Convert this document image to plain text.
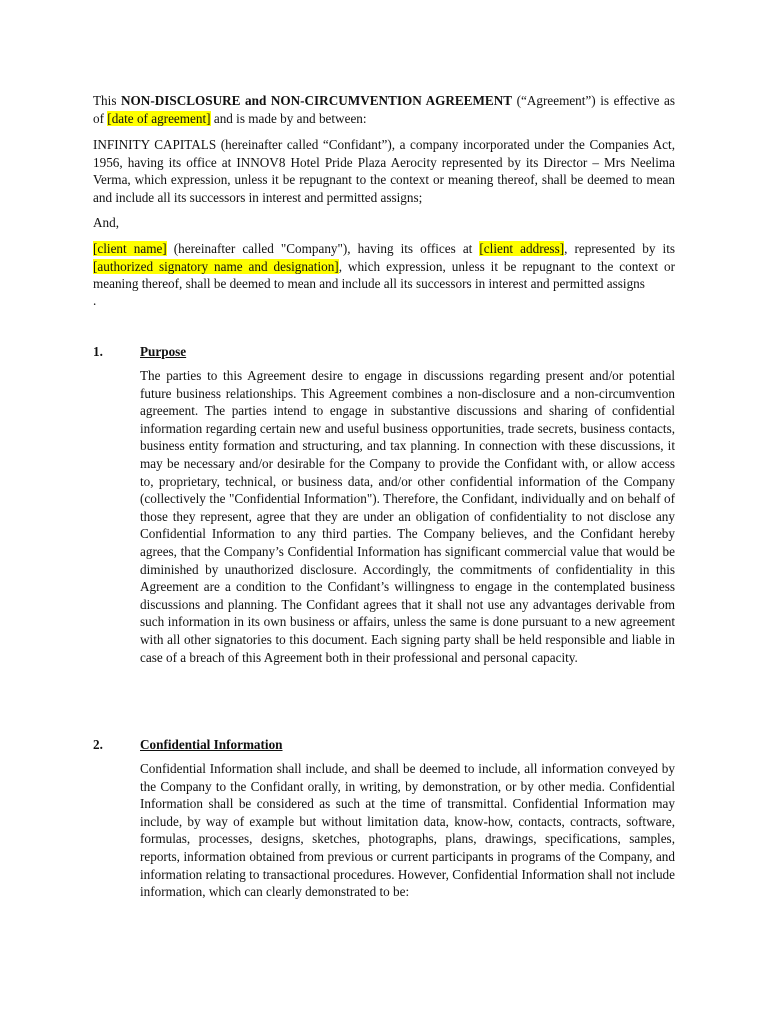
This NON-DISCLOSURE and NON-CIRCUMVENTION AGREEMENT (“Agreement”) is effective as of [date of agreement] and is made by and between:

INFINITY CAPITALS (hereinafter called “Confidant”), a company incorporated under the Companies Act, 1956, having its office at INNOV8 Hotel Pride Plaza Aerocity represented by its Director – Mrs Neelima Verma, which expression, unless it be repugnant to the context or meaning thereof, shall be deemed to mean and include all its successors in interest and permitted assigns;

And,

[client name] (hereinafter called "Company"), having its offices at [client address], represented by its [authorized signatory name and designation], which expression, unless it be repugnant to the context or meaning thereof, shall be deemed to mean and include all its successors in interest and permitted assigns

.

1.	Purpose

The parties to this Agreement desire to engage in discussions regarding present and/or potential future business relationships. This Agreement combines a non-disclosure and a non-circumvention agreement. The parties intend to engage in substantive discussions and sharing of confidential information regarding certain new and useful business opportunities, trade secrets, business contacts, business entity formation and structuring, and tax planning. In connection with these discussions, it may be necessary and/or desirable for the Company to provide the Confidant with, or allow access to, proprietary, technical, or business data, and/or other confidential information of the Company (collectively the "Confidential Information"). Therefore, the Confidant, individually and on behalf of those they represent, agree that they are under an obligation of confidentiality to not disclose any Confidential Information to any third parties. The Company believes, and the Confidant hereby agrees, that the Company’s Confidential Information has significant commercial value that would be diminished by unauthorized disclosure. Accordingly, the commitments of confidentiality in this Agreement are a condition to the Confidant’s willingness to engage in the contemplated business discussions and planning. The Confidant agrees that it shall not use any advantages derivable from such information in its own business or affairs, unless the same is done pursuant to a new agreement with all other signatories to this document. Each signing party shall be held responsible and liable in case of a breach of this Agreement both in their professional and personal capacity.

2.	Confidential Information

Confidential Information shall include, and shall be deemed to include, all information conveyed by the Company to the Confidant orally, in writing, by demonstration, or by other media. Confidential Information shall be considered as such at the time of transmittal. Confidential Information may include, by way of example but without limitation data, know-how, contacts, contracts, software, formulas, processes, designs, sketches, photographs, plans, drawings, specifications, samples, reports, information obtained from previous or current participants in programs of the Company, and information relating to transactional procedures. However, Confidential Information shall not include information, which can clearly demonstrated to be:
